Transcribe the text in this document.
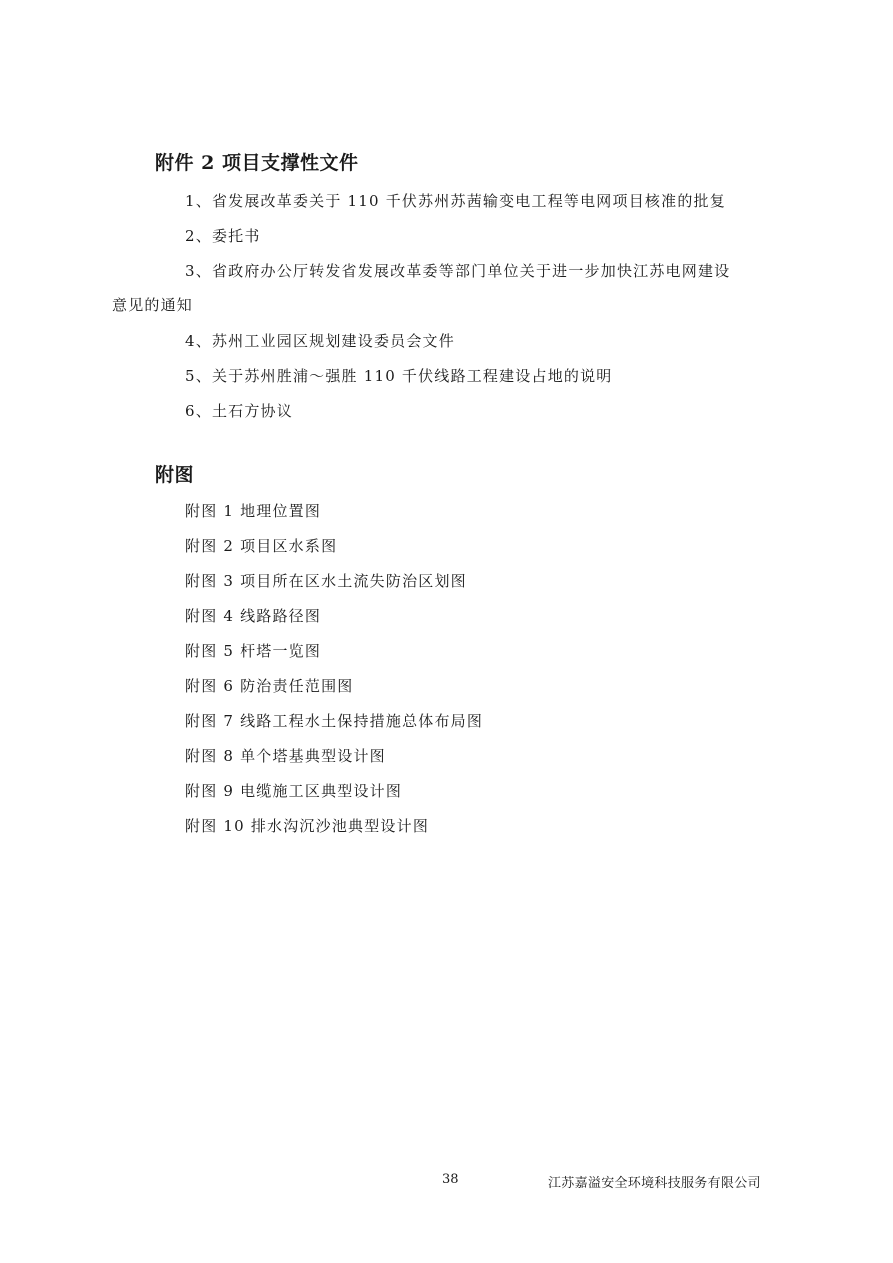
附件 2 项目支撑性文件
1、省发展改革委关于 110 千伏苏州苏茜输变电工程等电网项目核准的批复
2、委托书
3、省政府办公厅转发省发展改革委等部门单位关于进一步加快江苏电网建设
意见的通知
4、苏州工业园区规划建设委员会文件
5、关于苏州胜浦～强胜 110 千伏线路工程建设占地的说明
6、土石方协议
附图
附图 1 地理位置图
附图 2 项目区水系图
附图 3 项目所在区水土流失防治区划图
附图 4 线路路径图
附图 5 杆塔一览图
附图 6 防治责任范围图
附图 7 线路工程水土保持措施总体布局图
附图 8 单个塔基典型设计图
附图 9 电缆施工区典型设计图
附图 10 排水沟沉沙池典型设计图
38	江苏嘉溢安全环境科技服务有限公司
